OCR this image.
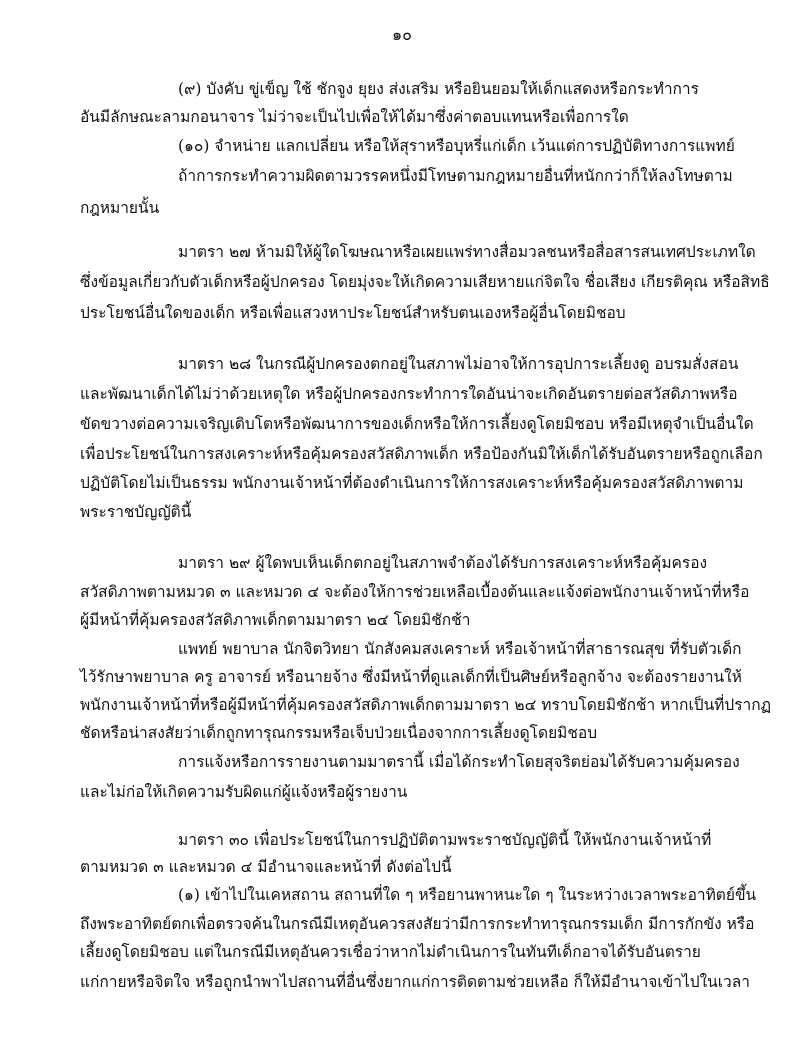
๑๐
(๙) บังคับ ขู่เข็ญ ใช้ ชักจูง ยุยง ส่งเสริม หรือยินยอมให้เด็กแสดงหรือกระทำการ
อันมีลักษณะลามกอนาจาร ไม่ว่าจะเป็นไปเพื่อให้ได้มาซึ่งค่าตอบแทนหรือเพื่อการใด
(๑๐) จำหน่าย แลกเปลี่ยน หรือให้สุราหรือบุหรี่แก่เด็ก เว้นแต่การปฏิบัติทางการแพทย์
ถ้าการกระทำความผิดตามวรรคหนึ่งมีโทษตามกฎหมายอื่นที่หนักกว่าก็ให้ลงโทษตาม
กฎหมายนั้น
มาตรา ๒๗ ห้ามมิให้ผู้ใดโฆษณาหรือเผยแพร่ทางสื่อมวลชนหรือสื่อสารสนเทศประเภทใด
ซึ่งข้อมูลเกี่ยวกับตัวเด็กหรือผู้ปกครอง โดยมุ่งจะให้เกิดความเสียหายแก่จิตใจ ชื่อเสียง เกียรติคุณ หรือสิทธิ
ประโยชน์อื่นใดของเด็ก หรือเพื่อแสวงหาประโยชน์สำหรับตนเองหรือผู้อื่นโดยมิชอบ
มาตรา ๒๘ ในกรณีผู้ปกครองตกอยู่ในสภาพไม่อาจให้การอุปการะเลี้ยงดู อบรมสั่งสอน
และพัฒนาเด็กได้ไม่ว่าด้วยเหตุใด หรือผู้ปกครองกระทำการใดอันน่าจะเกิดอันตรายต่อสวัสดิภาพหรือ
ขัดขวางต่อความเจริญเติบโตหรือพัฒนาการของเด็กหรือให้การเลี้ยงดูโดยมิชอบ หรือมีเหตุจำเป็นอื่นใด
เพื่อประโยชน์ในการสงเคราะห์หรือคุ้มครองสวัสดิภาพเด็ก หรือป้องกันมิให้เด็กได้รับอันตรายหรือถูกเลือก
ปฏิบัติโดยไม่เป็นธรรม พนักงานเจ้าหน้าที่ต้องดำเนินการให้การสงเคราะห์หรือคุ้มครองสวัสดิภาพตาม
พระราชบัญญัตินี้
มาตรา ๒๙ ผู้ใดพบเห็นเด็กตกอยู่ในสภาพจำต้องได้รับการสงเคราะห์หรือคุ้มครอง
สวัสดิภาพตามหมวด ๓ และหมวด ๔ จะต้องให้การช่วยเหลือเบื้องต้นและแจ้งต่อพนักงานเจ้าหน้าที่หรือ
ผู้มีหน้าที่คุ้มครองสวัสดิภาพเด็กตามมาตรา ๒๔ โดยมิชักช้า
แพทย์ พยาบาล นักจิตวิทยา นักสังคมสงเคราะห์ หรือเจ้าหน้าที่สาธารณสุข ที่รับตัวเด็ก
ไว้รักษาพยาบาล ครู อาจารย์ หรือนายจ้าง ซึ่งมีหน้าที่ดูแลเด็กที่เป็นศิษย์หรือลูกจ้าง จะต้องรายงานให้
พนักงานเจ้าหน้าที่หรือผู้มีหน้าที่คุ้มครองสวัสดิภาพเด็กตามมาตรา ๒๔ ทราบโดยมิชักช้า หากเป็นที่ปรากฏ
ชัดหรือน่าสงสัยว่าเด็กถูกทารุณกรรมหรือเจ็บป่วยเนื่องจากการเลี้ยงดูโดยมิชอบ
การแจ้งหรือการรายงานตามมาตรานี้ เมื่อได้กระทำโดยสุจริตย่อมได้รับความคุ้มครอง
และไม่ก่อให้เกิดความรับผิดแก่ผู้แจ้งหรือผู้รายงาน
มาตรา ๓๐ เพื่อประโยชน์ในการปฏิบัติตามพระราชบัญญัตินี้ ให้พนักงานเจ้าหน้าที่
ตามหมวด ๓ และหมวด ๔ มีอำนาจและหน้าที่ ดังต่อไปนี้
(๑) เข้าไปในเคหสถาน สถานที่ใด ๆ หรือยานพาหนะใด ๆ ในระหว่างเวลาพระอาทิตย์ขึ้น
ถึงพระอาทิตย์ตกเพื่อตรวจค้นในกรณีมีเหตุอันควรสงสัยว่ามีการกระทำทารุณกรรมเด็ก มีการกักขัง หรือ
เลี้ยงดูโดยมิชอบ แต่ในกรณีมีเหตุอันควรเชื่อว่าหากไม่ดำเนินการในทันทีเด็กอาจได้รับอันตราย
แก่กายหรือจิตใจ หรือถูกนำพาไปสถานที่อื่นซึ่งยากแก่การติดตามช่วยเหลือ ก็ให้มีอำนาจเข้าไปในเวลา
